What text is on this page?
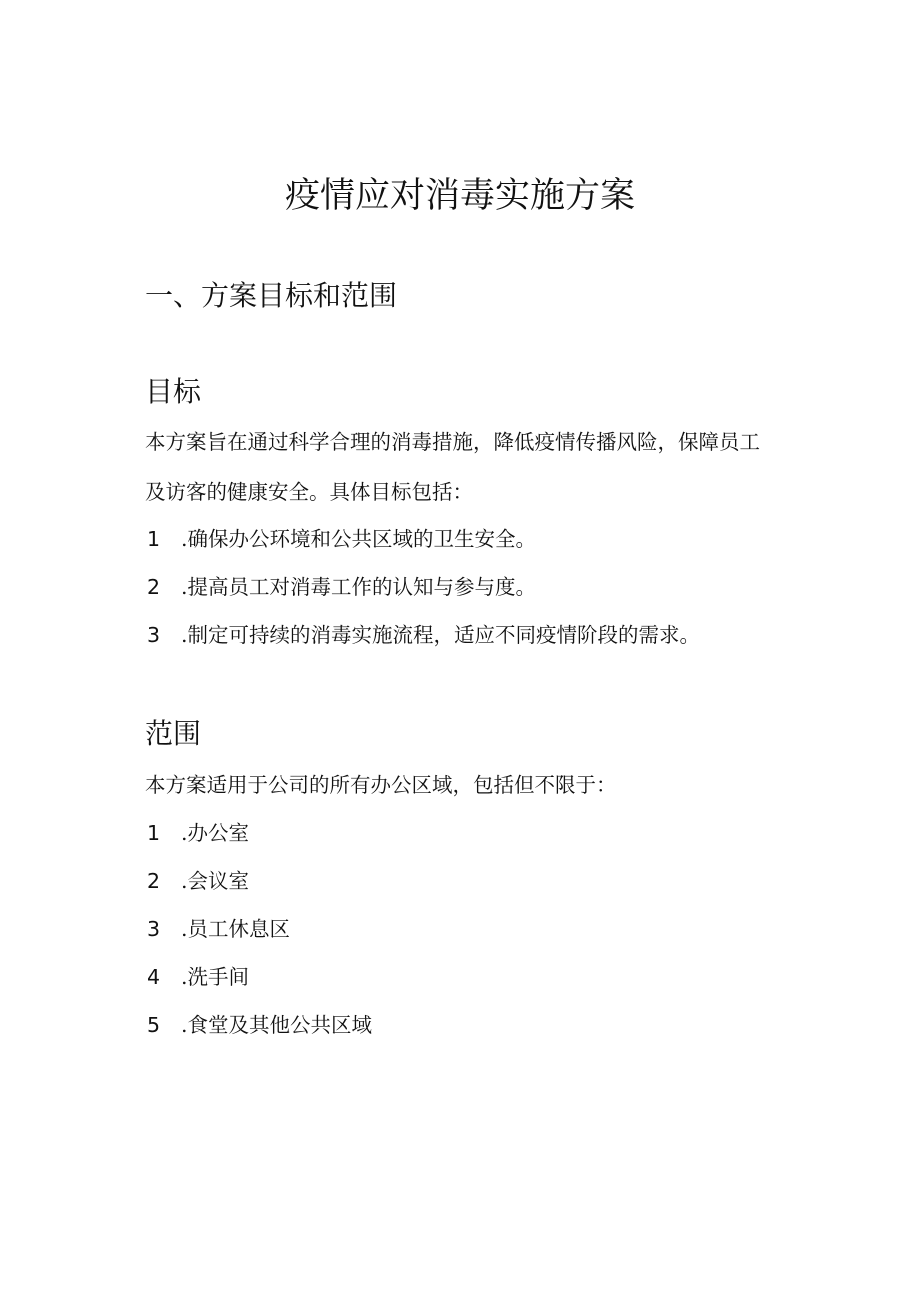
疫情应对消毒实施方案
一、方案目标和范围
目标
本方案旨在通过科学合理的消毒措施，降低疫情传播风险，保障员工
及访客的健康安全。具体目标包括：
1 .确保办公环境和公共区域的卫生安全。
2 .提高员工对消毒工作的认知与参与度。
3 .制定可持续的消毒实施流程，适应不同疫情阶段的需求。
范围
本方案适用于公司的所有办公区域，包括但不限于：
1 .办公室
2 .会议室
3 .员工休息区
4 .洗手间
5 .食堂及其他公共区域
